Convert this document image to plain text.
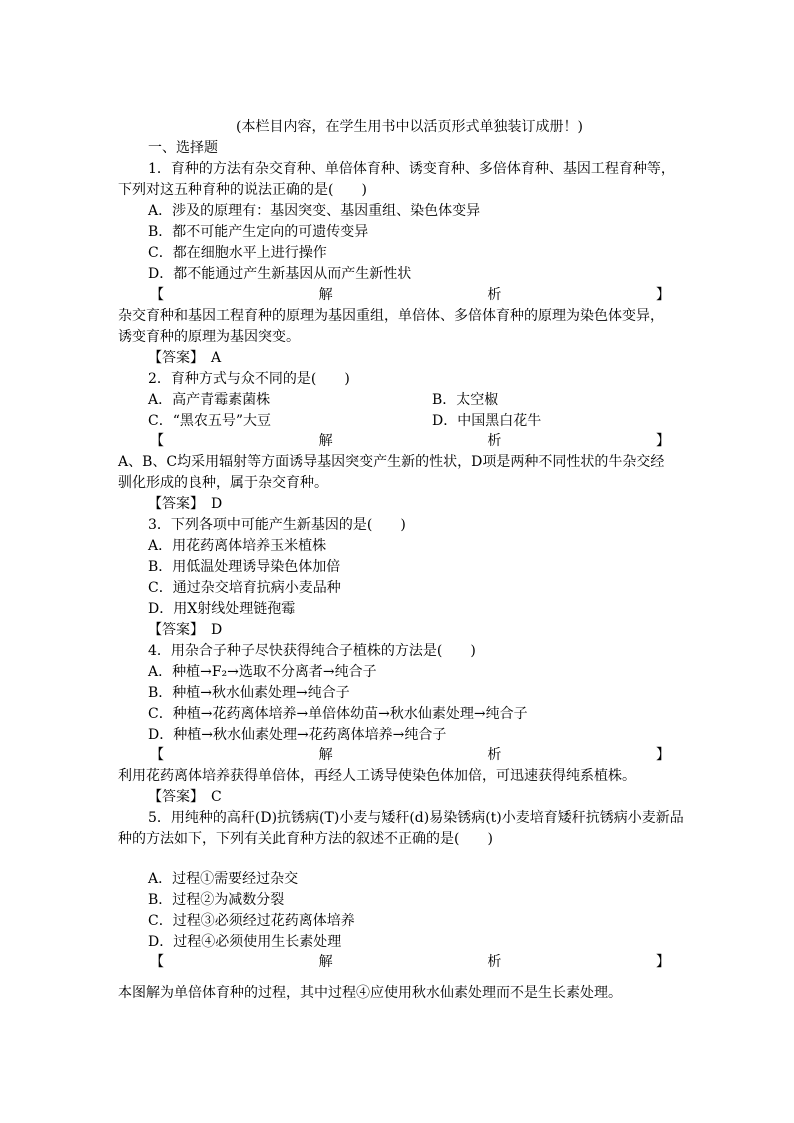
(本栏目内容，在学生用书中以活页形式单独装订成册！)
一、选择题
1．育种的方法有杂交育种、单倍体育种、诱变育种、多倍体育种、基因工程育种等，
下列对这五种育种的说法正确的是(　　)
A．涉及的原理有：基因突变、基因重组、染色体变异
B．都不可能产生定向的可遗传变异
C．都在细胞水平上进行操作
D．都不能通过产生新基因从而产生新性状
【	解	析	】
杂交育种和基因工程育种的原理为基因重组，单倍体、多倍体育种的原理为染色体变异，
诱变育种的原理为基因突变。
【答案】　A
2．育种方式与众不同的是(　　)
A．高产青霉素菌株	B．太空椒
C．“黑农五号”大豆	D．中国黑白花牛
【	解	析	】
A、B、C均采用辐射等方面诱导基因突变产生新的性状，D项是两种不同性状的牛杂交经
驯化形成的良种，属于杂交育种。
【答案】　D
3．下列各项中可能产生新基因的是(　　)
A．用花药离体培养玉米植株
B．用低温处理诱导染色体加倍
C．通过杂交培育抗病小麦品种
D．用X射线处理链孢霉
【答案】　D
4．用杂合子种子尽快获得纯合子植株的方法是(　　)
A．种植→F₂→选取不分离者→纯合子
B．种植→秋水仙素处理→纯合子
C．种植→花药离体培养→单倍体幼苗→秋水仙素处理→纯合子
D．种植→秋水仙素处理→花药离体培养→纯合子
【	解	析	】
利用花药离体培养获得单倍体，再经人工诱导使染色体加倍，可迅速获得纯系植株。
【答案】　C
5．用纯种的高秆(D)抗锈病(T)小麦与矮秆(d)易染锈病(t)小麦培育矮秆抗锈病小麦新品
种的方法如下，下列有关此育种方法的叙述不正确的是(　　)
A．过程①需要经过杂交
B．过程②为减数分裂
C．过程③必须经过花药离体培养
D．过程④必须使用生长素处理
【	解	析	】
本图解为单倍体育种的过程，其中过程④应使用秋水仙素处理而不是生长素处理。
